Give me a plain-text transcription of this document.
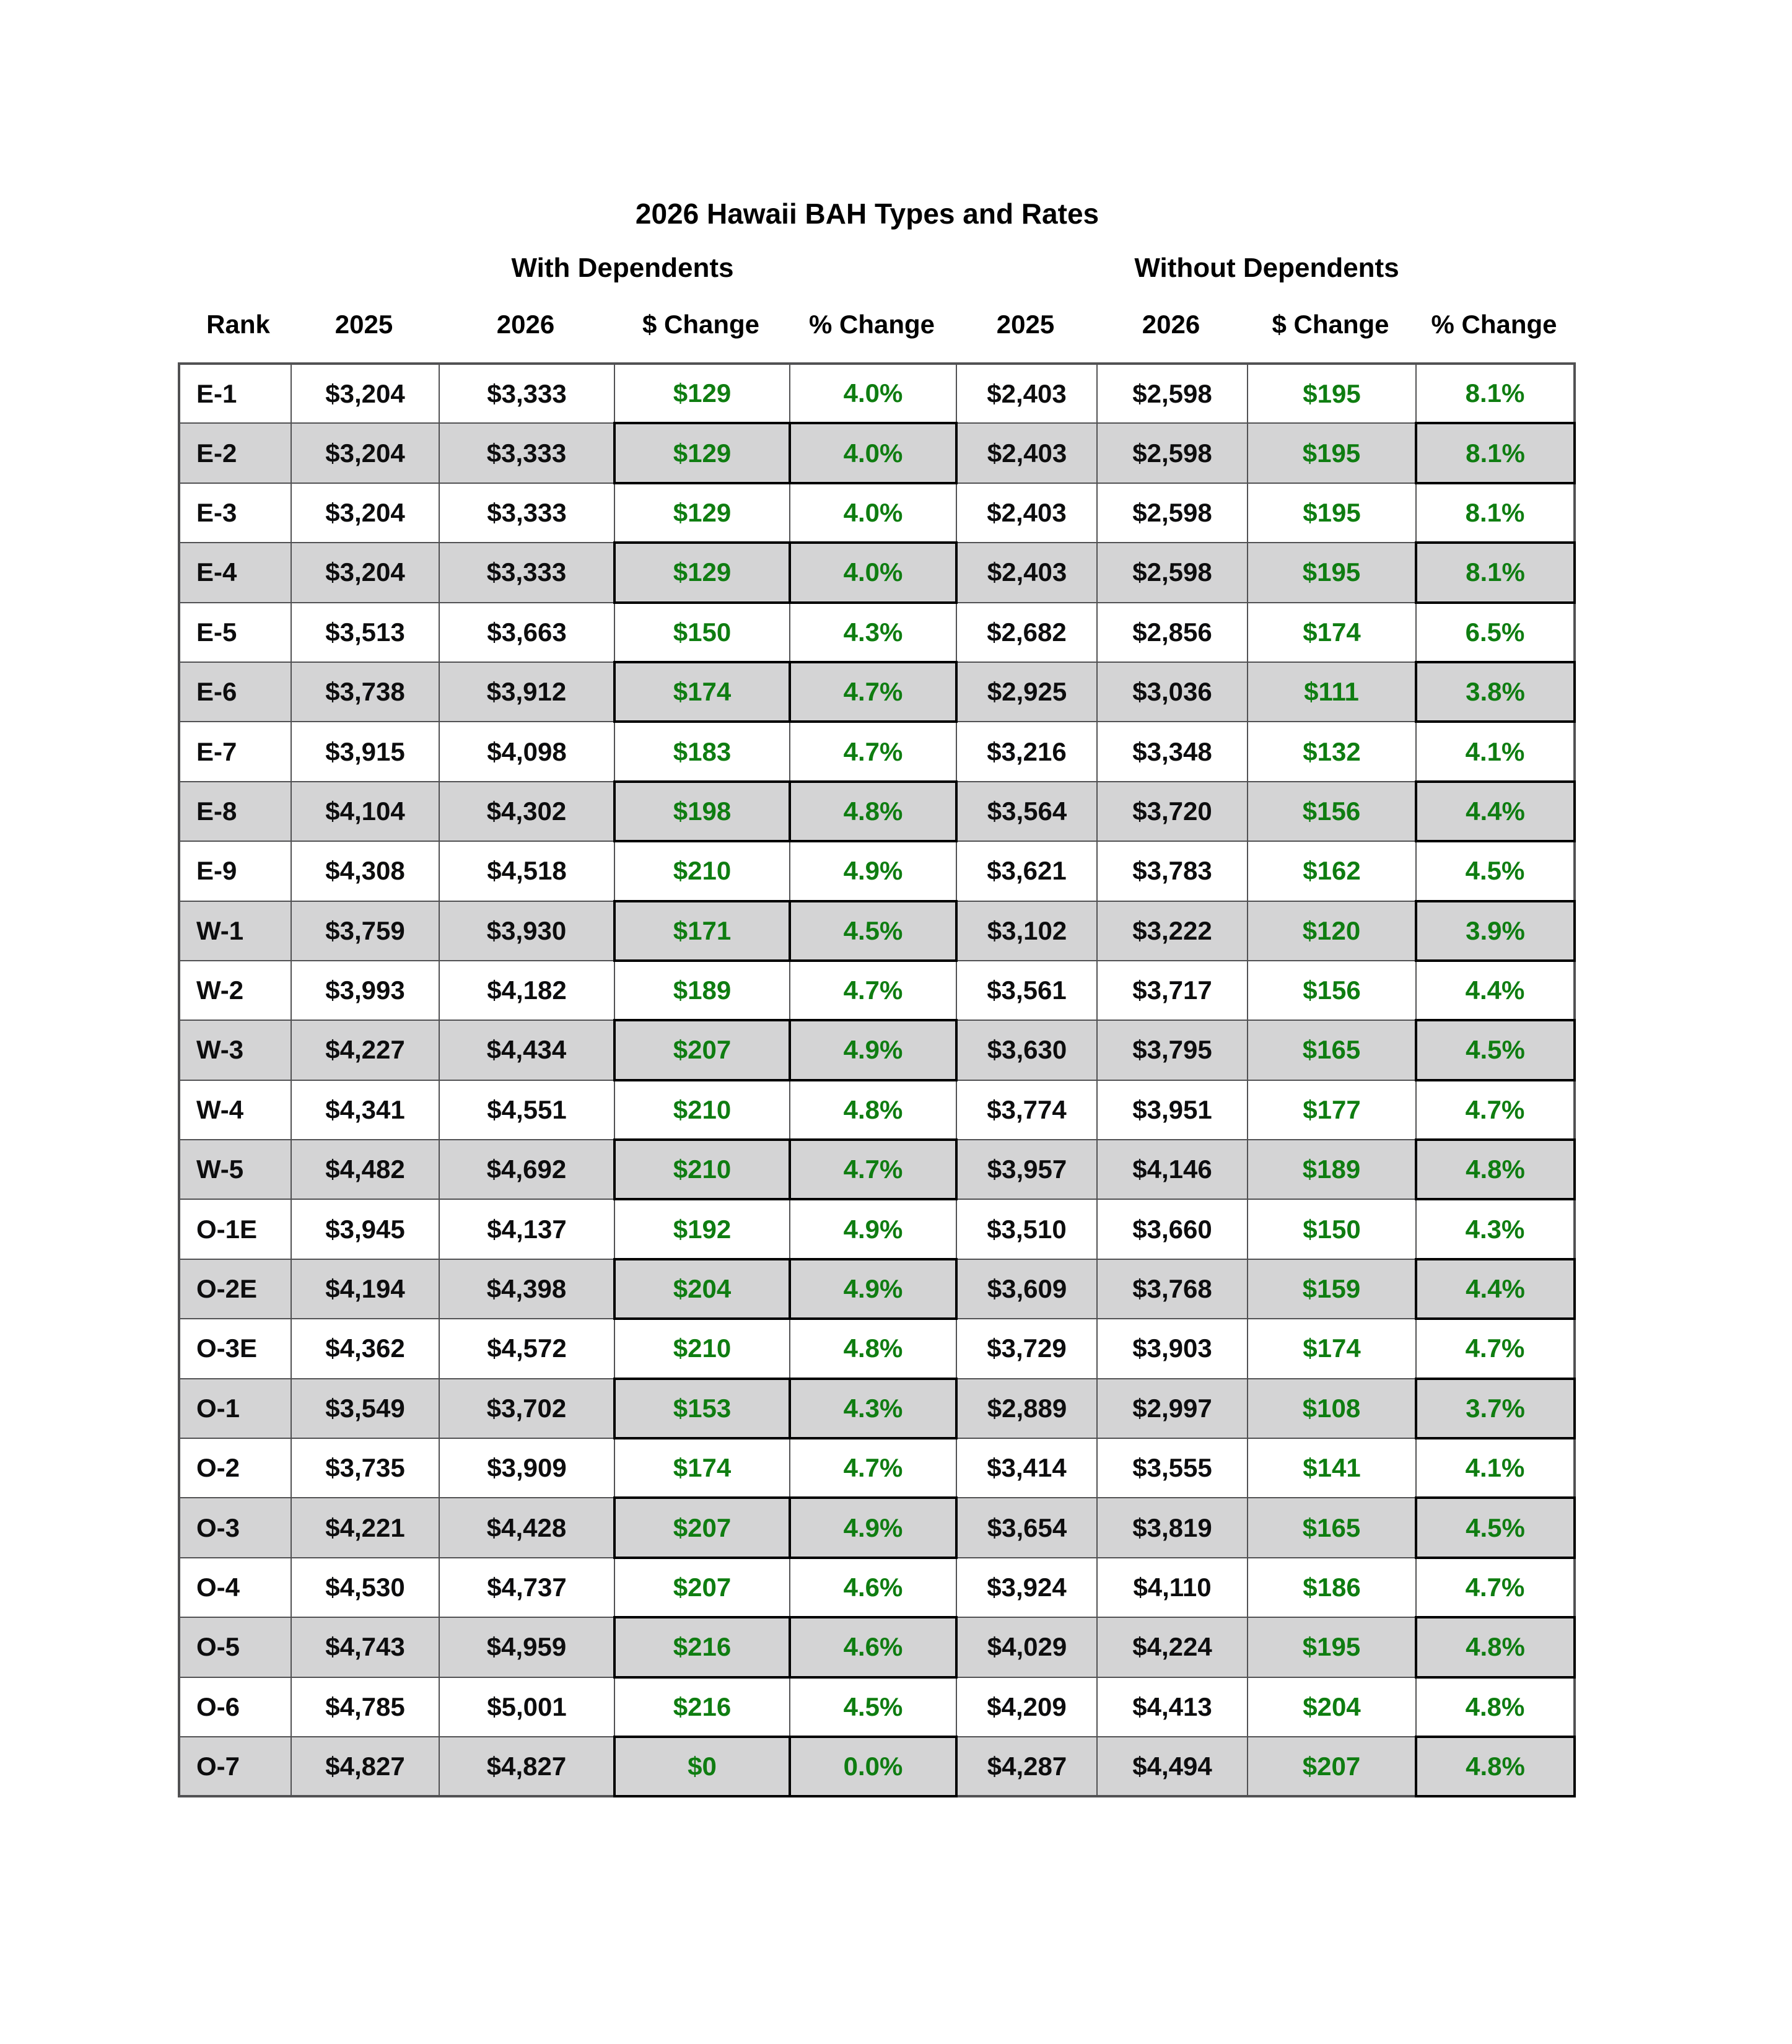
2026 Hawaii BAH Types and Rates
With Dependents	Without Dependents
Rank	2025	2026	$ Change	% Change	2025	2026	$ Change	% Change
E-1	$3,204	$3,333	$129	4.0%	$2,403	$2,598	$195	8.1%
E-2	$3,204	$3,333	$129	4.0%	$2,403	$2,598	$195	8.1%
E-3	$3,204	$3,333	$129	4.0%	$2,403	$2,598	$195	8.1%
E-4	$3,204	$3,333	$129	4.0%	$2,403	$2,598	$195	8.1%
E-5	$3,513	$3,663	$150	4.3%	$2,682	$2,856	$174	6.5%
E-6	$3,738	$3,912	$174	4.7%	$2,925	$3,036	$111	3.8%
E-7	$3,915	$4,098	$183	4.7%	$3,216	$3,348	$132	4.1%
E-8	$4,104	$4,302	$198	4.8%	$3,564	$3,720	$156	4.4%
E-9	$4,308	$4,518	$210	4.9%	$3,621	$3,783	$162	4.5%
W-1	$3,759	$3,930	$171	4.5%	$3,102	$3,222	$120	3.9%
W-2	$3,993	$4,182	$189	4.7%	$3,561	$3,717	$156	4.4%
W-3	$4,227	$4,434	$207	4.9%	$3,630	$3,795	$165	4.5%
W-4	$4,341	$4,551	$210	4.8%	$3,774	$3,951	$177	4.7%
W-5	$4,482	$4,692	$210	4.7%	$3,957	$4,146	$189	4.8%
O-1E	$3,945	$4,137	$192	4.9%	$3,510	$3,660	$150	4.3%
O-2E	$4,194	$4,398	$204	4.9%	$3,609	$3,768	$159	4.4%
O-3E	$4,362	$4,572	$210	4.8%	$3,729	$3,903	$174	4.7%
O-1	$3,549	$3,702	$153	4.3%	$2,889	$2,997	$108	3.7%
O-2	$3,735	$3,909	$174	4.7%	$3,414	$3,555	$141	4.1%
O-3	$4,221	$4,428	$207	4.9%	$3,654	$3,819	$165	4.5%
O-4	$4,530	$4,737	$207	4.6%	$3,924	$4,110	$186	4.7%
O-5	$4,743	$4,959	$216	4.6%	$4,029	$4,224	$195	4.8%
O-6	$4,785	$5,001	$216	4.5%	$4,209	$4,413	$204	4.8%
O-7	$4,827	$4,827	$0	0.0%	$4,287	$4,494	$207	4.8%
